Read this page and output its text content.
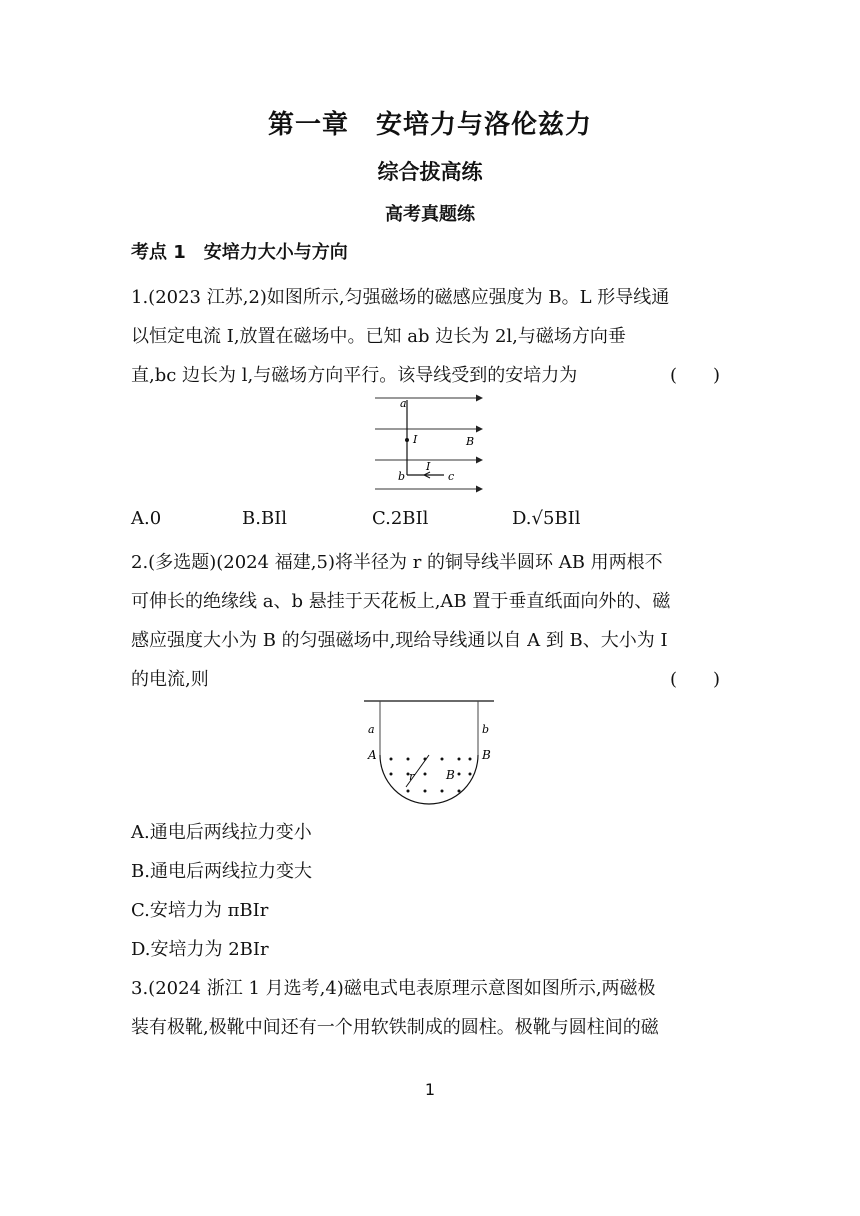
第一章　安培力与洛伦兹力
综合拔高练
高考真题练
考点 1　安培力大小与方向
1.(2023 江苏,2)如图所示,匀强磁场的磁感应强度为 B。L 形导线通
以恒定电流 I,放置在磁场中。已知 ab 边长为 2l,与磁场方向垂
直,bc 边长为 l,与磁场方向平行。该导线受到的安培力为	(　　)
a
I	B
b
I
c
A.0	B.BIl	C.2BIl	D.√5BIl
2.(多选题)(2024 福建,5)将半径为 r 的铜导线半圆环 AB 用两根不
可伸长的绝缘线 a、b 悬挂于天花板上,AB 置于垂直纸面向外的、磁
感应强度大小为 B 的匀强磁场中,现给导线通以自 A 到 B、大小为 I
的电流,则	(　　)
a	b
A	B
r	B
A.通电后两线拉力变小
B.通电后两线拉力变大
C.安培力为 πBIr
D.安培力为 2BIr
3.(2024 浙江 1 月选考,4)磁电式电表原理示意图如图所示,两磁极
装有极靴,极靴中间还有一个用软铁制成的圆柱。极靴与圆柱间的磁
1
